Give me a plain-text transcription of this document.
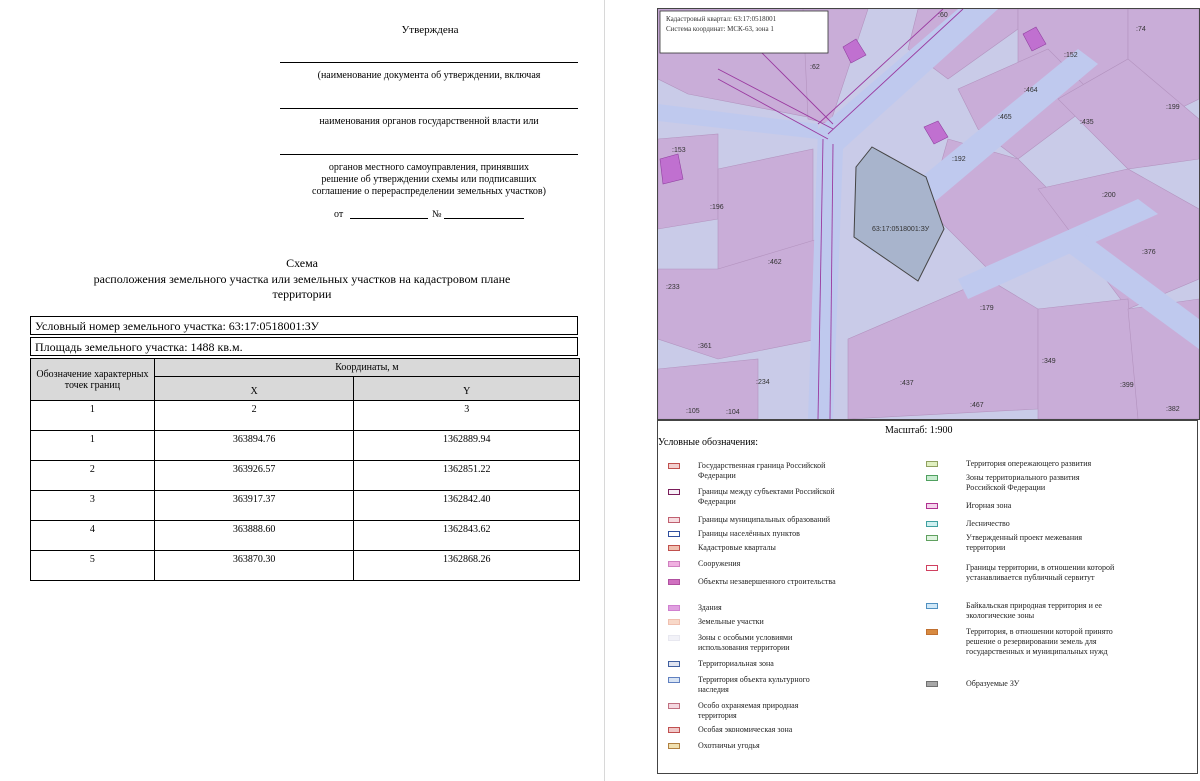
Утверждена
(наименование документа об утверждении, включая
наименования органов государственной власти или
органов местного самоуправления, принявших
решение об утверждении схемы или подписавших
соглашение о перераспределении земельных участков)
от	№
Схема
расположения земельного участка или земельных участков на кадастровом плане
территории
Условный номер земельного участка: 63:17:0518001:ЗУ
Площадь земельного участка: 1488 кв.м.
Обозначение характерных точек границ	Координаты, м	
	X	Y
1	2	3
1	363894.76	1362889.94
2	363926.57	1362851.22
3	363917.37	1362842.40
4	363888.60	1362843.62
5	363870.30	1362868.26
Кадастровый квартал: 63:17:0518001
Система координат: МСК-63, зона 1
63:17:0518001:ЗУ
:60
:74
:62
:152
:464
:199
:465
:435
:153
:192
:200
:196
:376
:462
:233
:179
:361
:349
:234	:437	:399
:467
:382
:105	:104
Масштаб: 1:900
Условные обозначения:
Государственная граница Российской Федерации
Границы между субъектами Российской Федерации
Границы муниципальных образований
Границы населённых пунктов
Кадастровые кварталы
Сооружения
Объекты незавершенного строительства
Здания
Земельные участки
Зоны с особыми условиями использования территории
Территориальная зона
Территория объекта культурного наследия
Особо охраняемая природная территория
Особая экономическая зона
Охотничьи угодья
Территория опережающего развития
Зоны территориального развития Российской Федерации
Игорная зона
Лесничество
Утвержденный проект межевания территории
Границы территории, в отношении которой устанавливается публичный сервитут
Байкальская природная территория и ее экологические зоны
Территория, в отношении которой принято решение о резервировании земель для государственных и муниципальных нужд
Образуемые ЗУ
